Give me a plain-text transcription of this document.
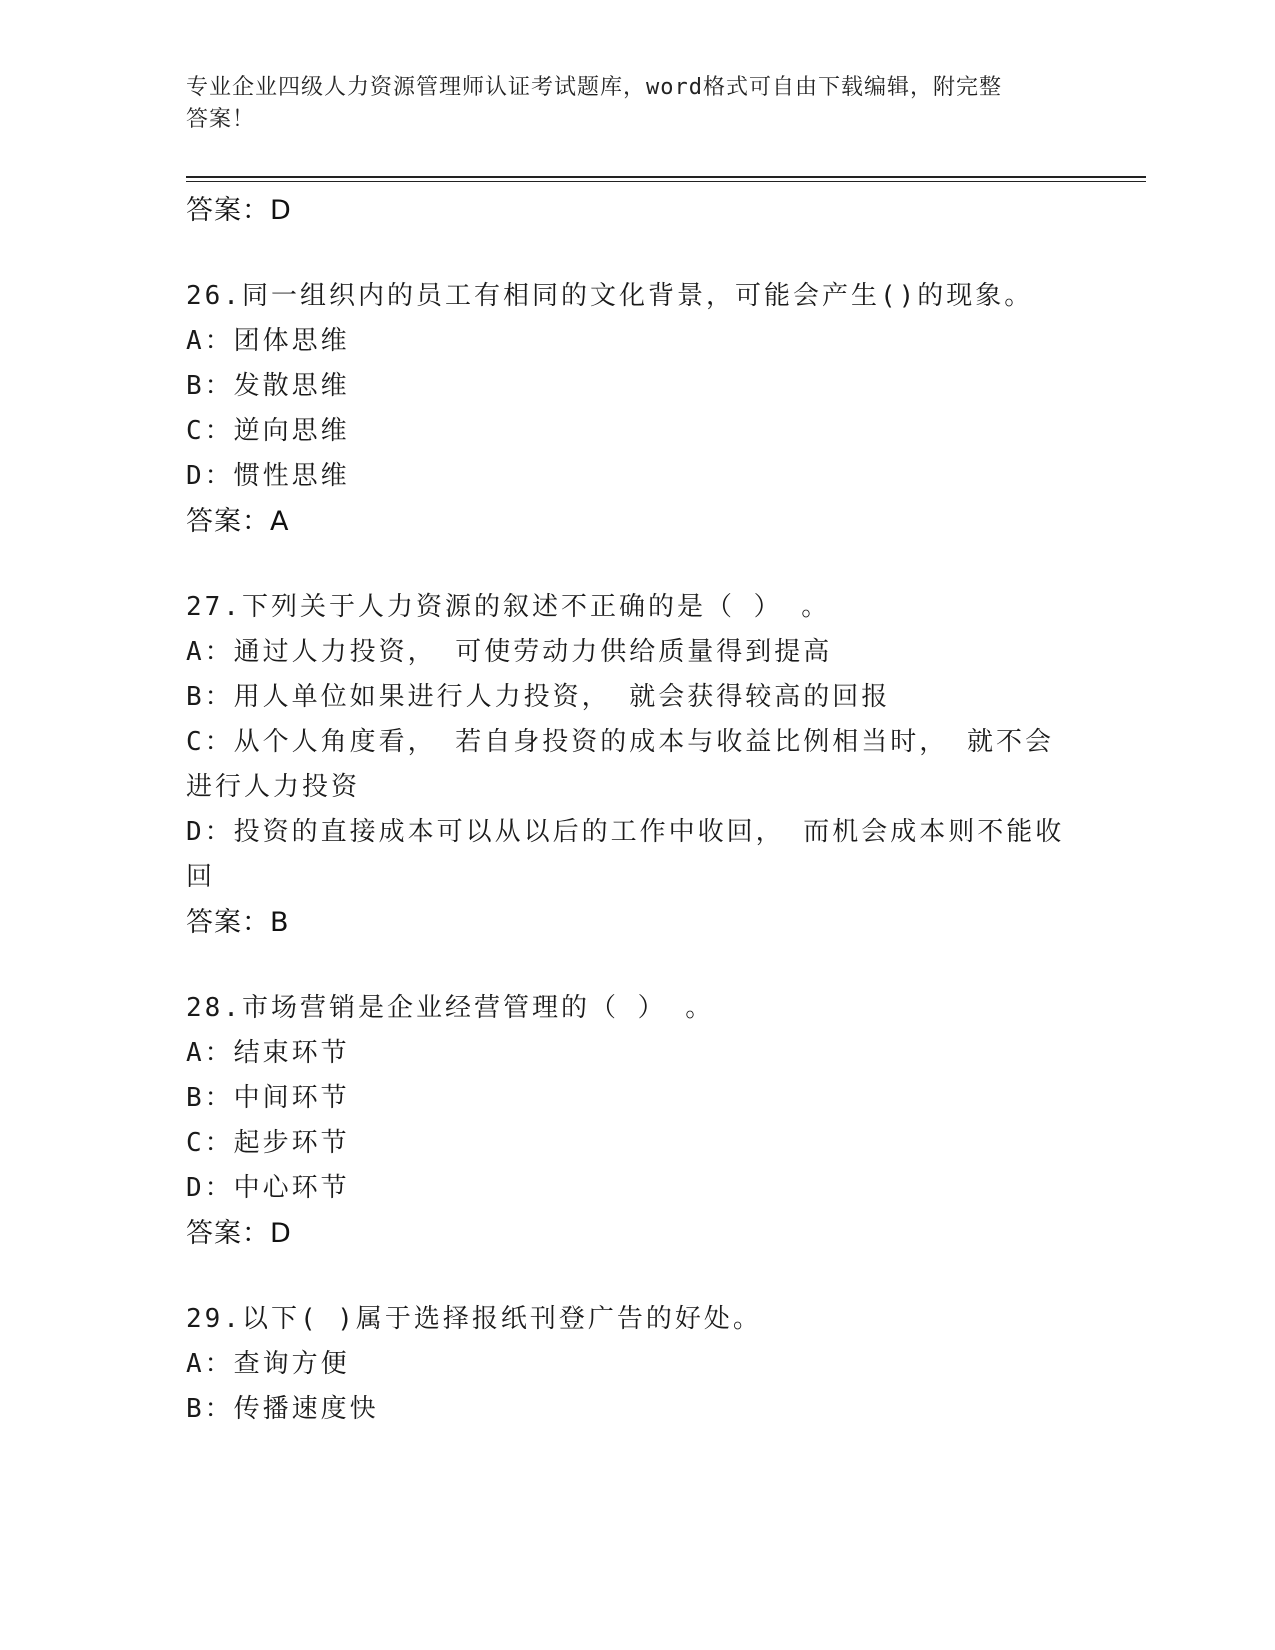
专业企业四级人力资源管理师认证考试题库，word格式可自由下载编辑，附完整
答案！
答案：D
26.同一组织内的员工有相同的文化背景，可能会产生()的现象。
A：团体思维
B：发散思维
C：逆向思维
D：惯性思维
答案：A
27.下列关于人力资源的叙述不正确的是（ ） 。
A：通过人力投资， 可使劳动力供给质量得到提高
B：用人单位如果进行人力投资， 就会获得较高的回报
C：从个人角度看， 若自身投资的成本与收益比例相当时， 就不会进行人力投资
D：投资的直接成本可以从以后的工作中收回， 而机会成本则不能收回
答案：B
28.市场营销是企业经营管理的（ ） 。
A：结束环节
B：中间环节
C：起步环节
D：中心环节
答案：D
29.以下( )属于选择报纸刊登广告的好处。
A：查询方便
B：传播速度快
